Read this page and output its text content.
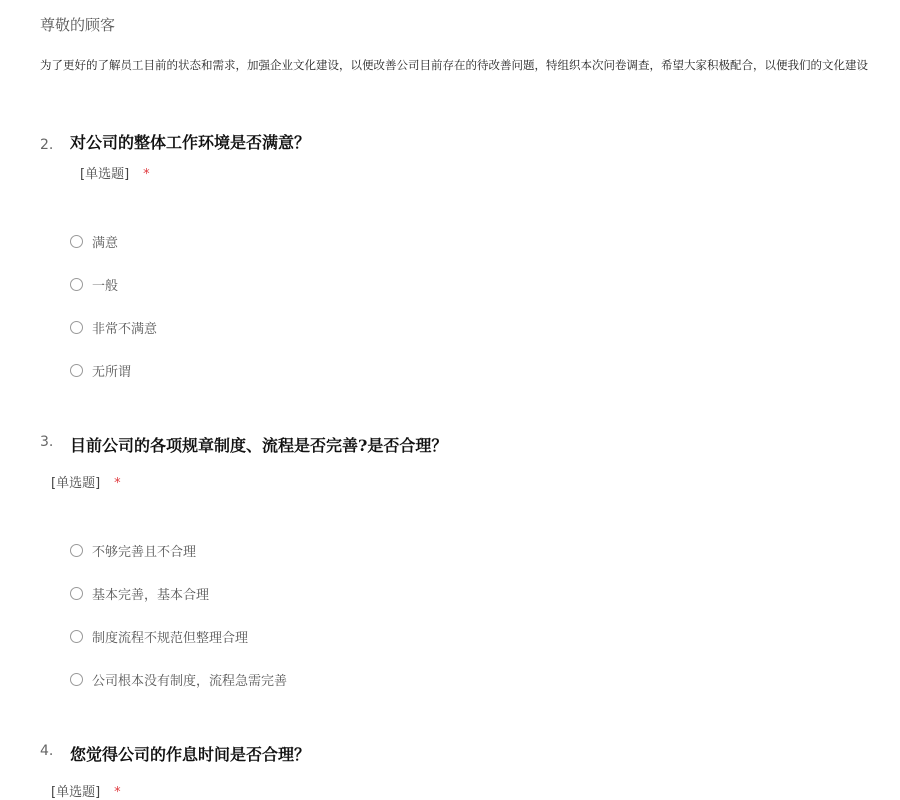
尊敬的顾客
为了更好的了解员工目前的状态和需求，加强企业文化建设，以便改善公司目前存在的待改善问题，特组织本次问卷调查，希望大家积极配合，以便我们的文化建设
2. 对公司的整体工作环境是否满意？
[单选题] *
满意
一般
非常不满意
无所谓
3. 目前公司的各项规章制度、流程是否完善?是否合理？
[单选题] *
不够完善且不合理
基本完善，基本合理
制度流程不规范但整理合理
公司根本没有制度，流程急需完善
4. 您觉得公司的作息时间是否合理？
[单选题] *
